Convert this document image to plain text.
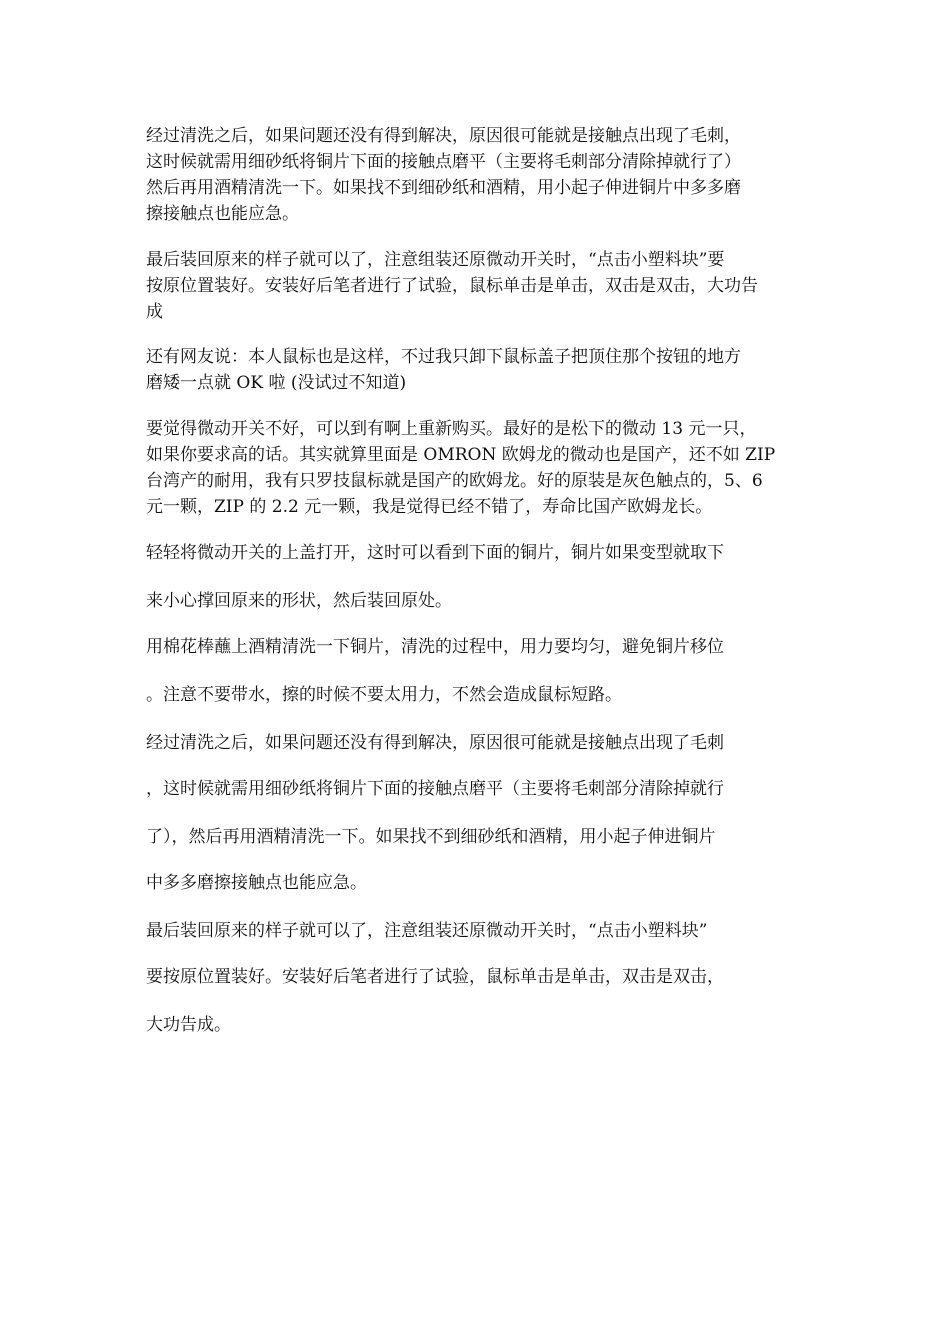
经过清洗之后，如果问题还没有得到解决，原因很可能就是接触点出现了毛刺，
这时候就需用细砂纸将铜片下面的接触点磨平（主要将毛刺部分清除掉就行了）
然后再用酒精清洗一下。如果找不到细砂纸和酒精，用小起子伸进铜片中多多磨
擦接触点也能应急。
最后装回原来的样子就可以了，注意组装还原微动开关时，“点击小塑料块”要
按原位置装好。安装好后笔者进行了试验，鼠标单击是单击，双击是双击，大功告
成
还有网友说：本人鼠标也是这样，不过我只卸下鼠标盖子把顶住那个按钮的地方
磨矮一点就 OK 啦 (没试过不知道)
要觉得微动开关不好，可以到有啊上重新购买。最好的是松下的微动 13 元一只，
如果你要求高的话。其实就算里面是 OMRON 欧姆龙的微动也是国产，还不如 ZIP
台湾产的耐用，我有只罗技鼠标就是国产的欧姆龙。好的原装是灰色触点的，5、6
元一颗，ZIP 的 2.2 元一颗，我是觉得已经不错了，寿命比国产欧姆龙长。
轻轻将微动开关的上盖打开，这时可以看到下面的铜片，铜片如果变型就取下
来小心撑回原来的形状，然后装回原处。
用棉花棒蘸上酒精清洗一下铜片，清洗的过程中，用力要均匀，避免铜片移位
。注意不要带水，擦的时候不要太用力，不然会造成鼠标短路。
经过清洗之后，如果问题还没有得到解决，原因很可能就是接触点出现了毛刺
，这时候就需用细砂纸将铜片下面的接触点磨平（主要将毛刺部分清除掉就行
了），然后再用酒精清洗一下。如果找不到细砂纸和酒精，用小起子伸进铜片
中多多磨擦接触点也能应急。
最后装回原来的样子就可以了，注意组装还原微动开关时，“点击小塑料块”
要按原位置装好。安装好后笔者进行了试验，鼠标单击是单击，双击是双击，
大功告成。
